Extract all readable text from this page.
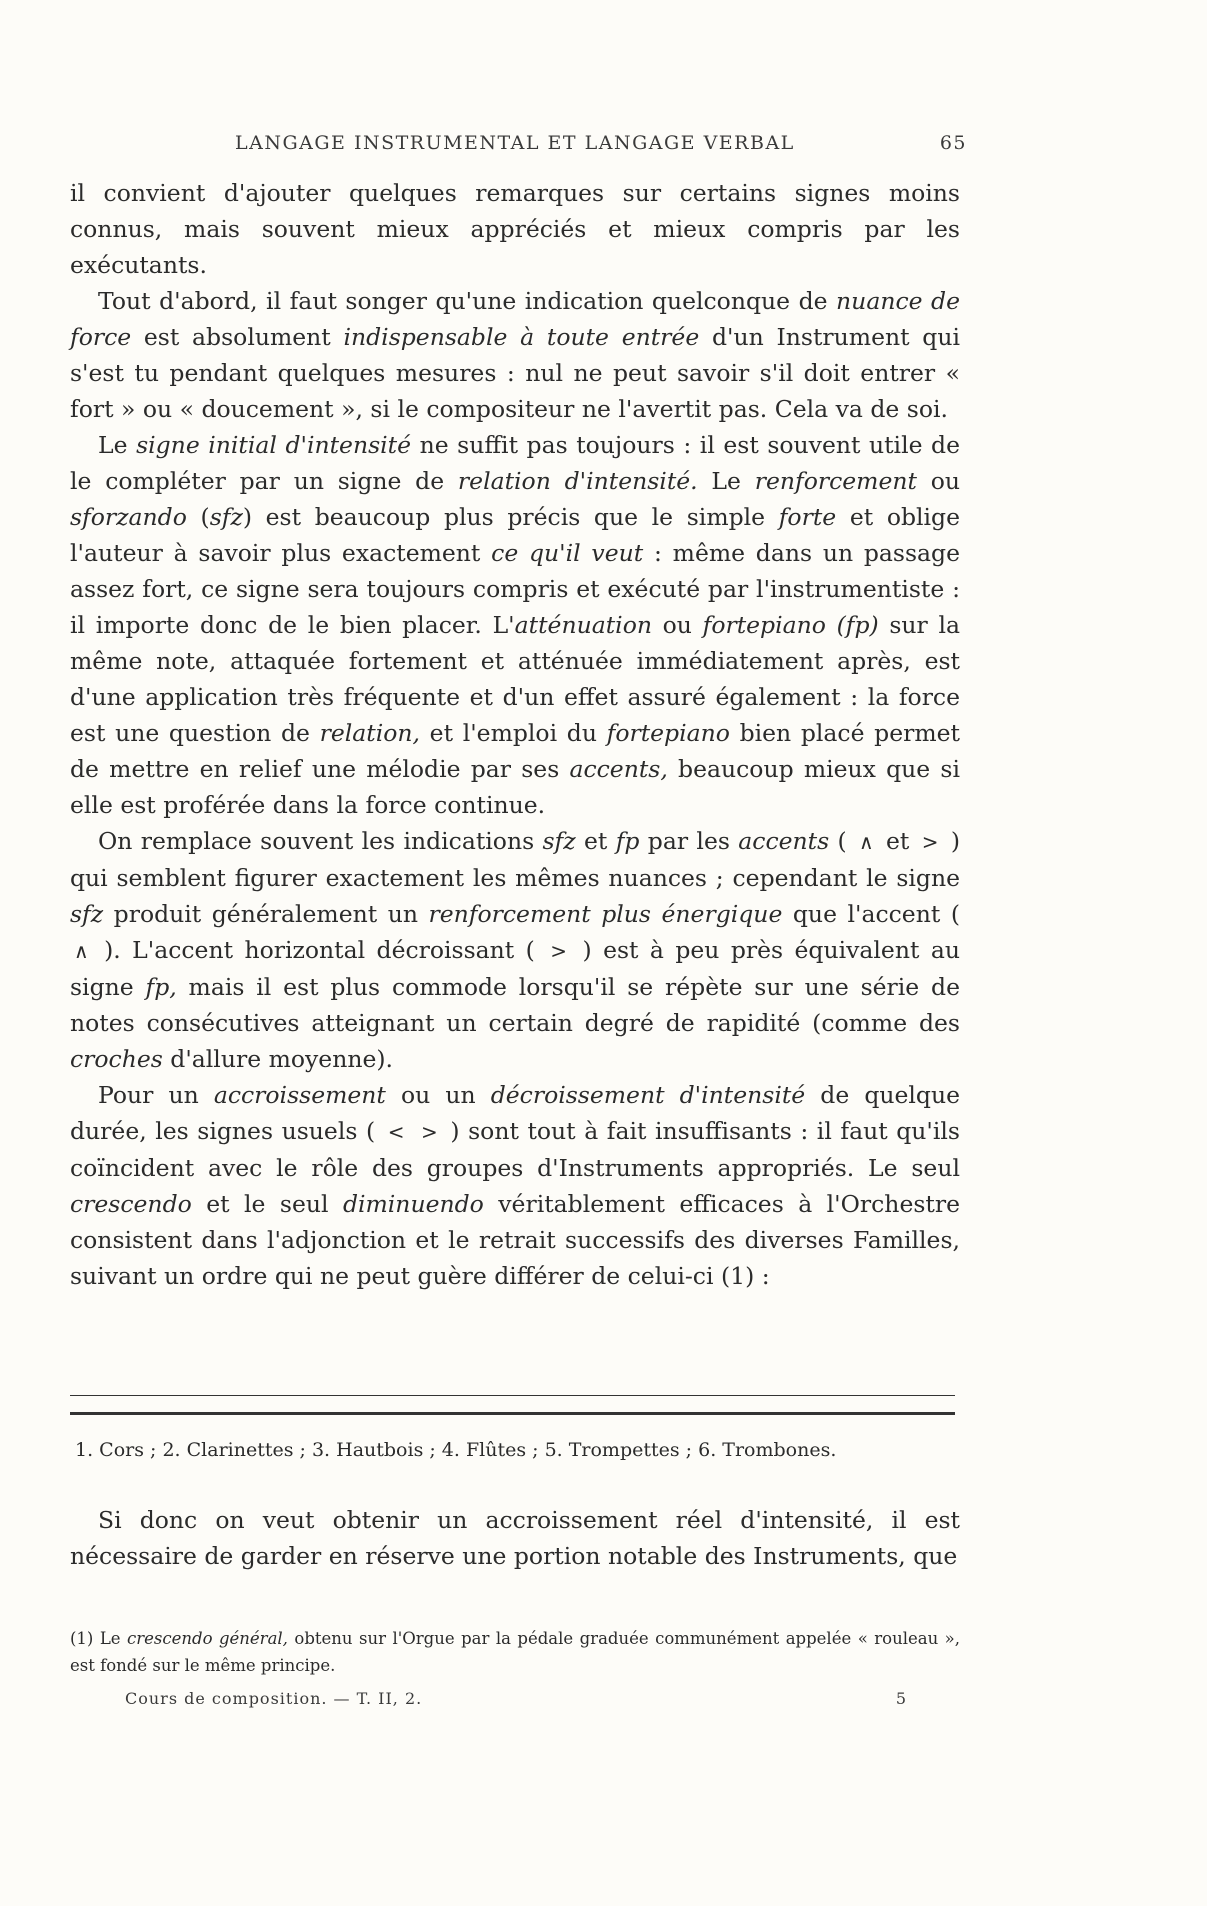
LANGAGE INSTRUMENTAL ET LANGAGE VERBAL	65

il convient d'ajouter quelques remarques sur certains signes moins connus, mais souvent mieux appréciés et mieux compris par les exécutants.

Tout d'abord, il faut songer qu'une indication quelconque de nuance de force est absolument indispensable à toute entrée d'un Instrument qui s'est tu pendant quelques mesures : nul ne peut savoir s'il doit entrer « fort » ou « doucement », si le compositeur ne l'avertit pas. Cela va de soi.

Le signe initial d'intensité ne suffit pas toujours : il est souvent utile de le compléter par un signe de relation d'intensité. Le renforcement ou sforzando (sfz) est beaucoup plus précis que le simple forte et oblige l'auteur à savoir plus exactement ce qu'il veut : même dans un passage assez fort, ce signe sera toujours compris et exécuté par l'instrumentiste : il importe donc de le bien placer. L'atténuation ou fortepiano (fp) sur la même note, attaquée fortement et atténuée immédiatement après, est d'une application très fréquente et d'un effet assuré également : la force est une question de relation, et l'emploi du fortepiano bien placé permet de mettre en relief une mélodie par ses accents, beaucoup mieux que si elle est proférée dans la force continue.

On remplace souvent les indications sfz et fp par les accents ( ∧ et > ) qui semblent figurer exactement les mêmes nuances ; cependant le signe sfz produit généralement un renforcement plus énergique que l'accent ( ∧ ). L'accent horizontal décroissant ( > ) est à peu près équivalent au signe fp, mais il est plus commode lorsqu'il se répète sur une série de notes consécutives atteignant un certain degré de rapidité (comme des croches d'allure moyenne).

Pour un accroissement ou un décroissement d'intensité de quelque durée, les signes usuels ( < > ) sont tout à fait insuffisants : il faut qu'ils coïncident avec le rôle des groupes d'Instruments appropriés. Le seul crescendo et le seul diminuendo véritablement efficaces à l'Orchestre consistent dans l'adjonction et le retrait successifs des diverses Familles, suivant un ordre qui ne peut guère différer de celui-ci (1) :

1. Cors ; 2. Clarinettes ; 3. Hautbois ; 4. Flûtes ; 5. Trompettes ; 6. Trombones.

Si donc on veut obtenir un accroissement réel d'intensité, il est nécessaire de garder en réserve une portion notable des Instruments, que

(1) Le crescendo général, obtenu sur l'Orgue par la pédale graduée communément appelée « rouleau », est fondé sur le même principe.

Cours de composition. — T. II, 2.	5
